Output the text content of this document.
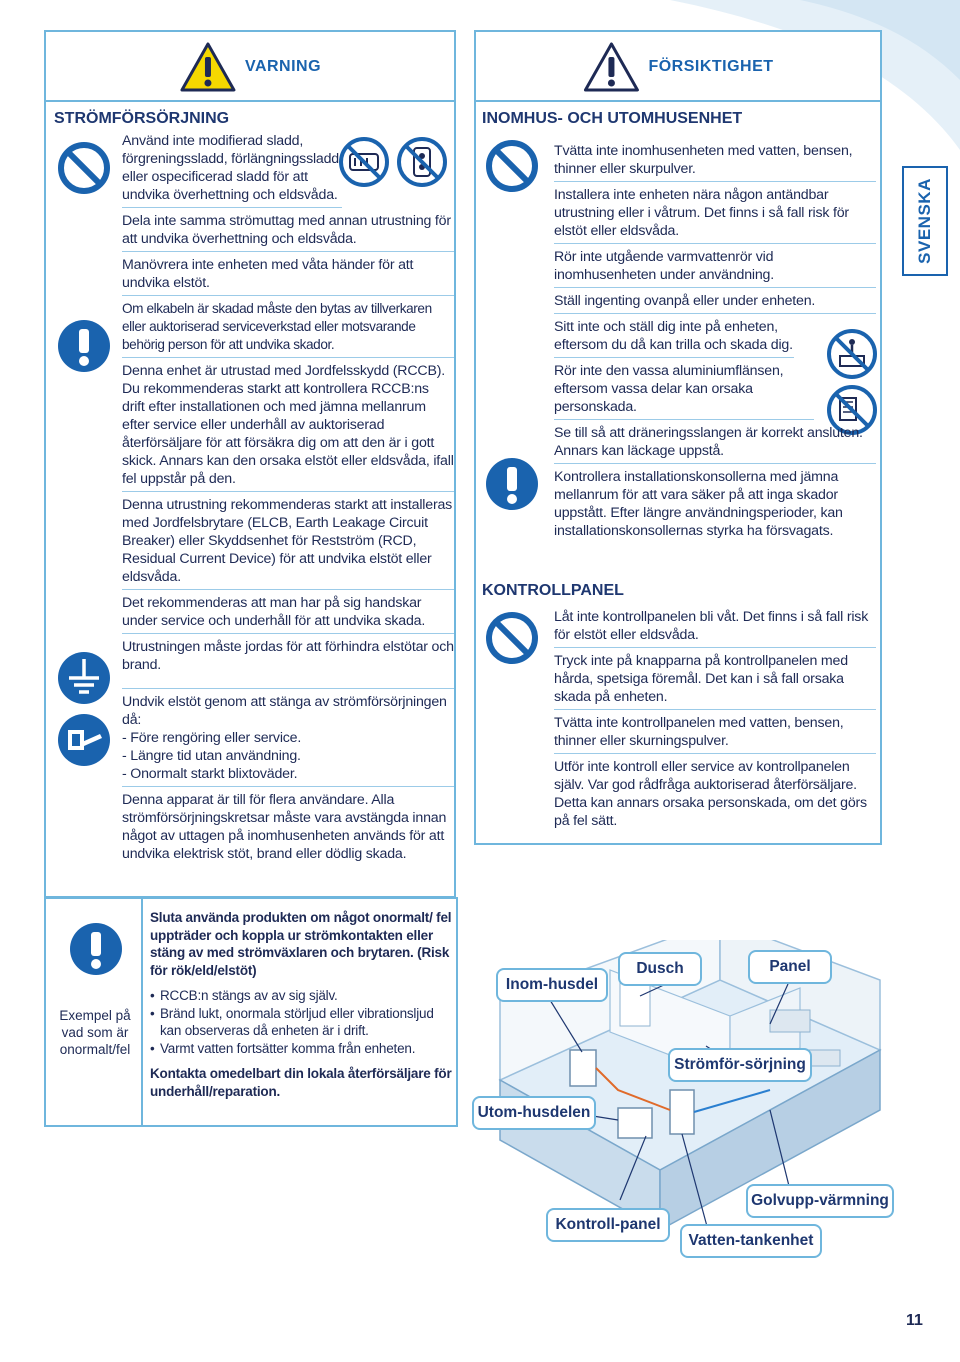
VARNING
STRÖMFÖRSÖRJNING
Använd inte modifierad sladd, förgreningssladd, förlängningssladd eller ospecificerad sladd för att undvika överhettning och eldsvåda.
Dela inte samma strömuttag med annan utrustning för att undvika överhettning och eldsvåda.
Manövrera inte enheten med våta händer för att undvika elstöt.
Om elkabeln är skadad måste den bytas av tillverkaren eller auktoriserad serviceverkstad eller motsvarande behörig person för att undvika skador.
Denna enhet är utrustad med Jordfelsskydd (RCCB). Du rekommenderas starkt att kontrollera RCCB:ns drift efter installationen och med jämna mellanrum efter service eller underhåll av auktoriserad återförsäljare för att försäkra dig om att den är i gott skick. Annars kan den orsaka elstöt eller eldsvåda, ifall fel uppstår på den.
Denna utrustning rekommenderas starkt att installeras med Jordfelsbrytare (ELCB, Earth Leakage Circuit Breaker) eller Skyddsenhet för Restström (RCD, Residual Current Device) för att undvika elstöt eller eldsvåda.
Det rekommenderas att man har på sig handskar under service och underhåll för att undvika skada.
Utrustningen måste jordas för att förhindra elstötar och brand.
Undvik elstöt genom att stänga av strömförsörjningen då:
- Före rengöring eller service.
- Längre tid utan användning.
- Onormalt starkt blixtoväder.
Denna apparat är till för flera användare. Alla strömförsörjningskretsar måste vara avstängda innan något av uttagen på inomhusenheten används för att undvika elektrisk stöt, brand eller dödlig skada.
FÖRSIKTIGHET
INOMHUS- OCH UTOMHUSENHET
Tvätta inte inomhusenheten med vatten, bensen, thinner eller skurpulver.
Installera inte enheten nära någon antändbar utrustning eller i våtrum. Det finns i så fall risk för elstöt eller eldsvåda.
Rör inte utgående varmvattenrör vid inomhusenheten under användning.
Ställ ingenting ovanpå eller under enheten.
Sitt inte och ställ dig inte på enheten, eftersom du då kan trilla och skada dig.
Rör inte den vassa aluminiumflänsen, eftersom vassa delar kan orsaka personskada.
Se till så att dräneringsslangen är korrekt ansluten. Annars kan läckage uppstå.
Kontrollera installationskonsollerna med jämna mellanrum för att vara säker på att inga skador uppstått. Efter längre användningsperioder, kan installationskonsollernas styrka ha försvagats.
KONTROLLPANEL
Låt inte kontrollpanelen bli våt. Det finns i så fall risk för elstöt eller eldsvåda.
Tryck inte på knapparna på kontrollpanelen med hårda, spetsiga föremål. Det kan i så fall orsaka skada på enheten.
Tvätta inte kontrollpanelen med vatten, bensen, thinner eller skurningspulver.
Utför inte kontroll eller service av kontrollpanelen själv. Var god rådfråga auktoriserad återförsäljare. Detta kan annars orsaka personskada, om det görs på fel sätt.
SVENSKA
Exempel på vad som är onormalt/fel
Sluta använda produkten om något onormalt/ fel uppträder och koppla ur strömkontakten eller stäng av med strömväxlaren och brytaren. (Risk för rök/eld/elstöt)
• RCCB:n stängs av av sig själv.
• Bränd lukt, onormala störljud eller vibrationsljud kan observeras då enheten är i drift.
• Varmt vatten fortsätter komma från enheten.
Kontakta omedelbart din lokala återförsäljare för underhåll/reparation.
Inom-husdel
Dusch	Panel
Strömför-sörjning
Utom-husdelen
Golvupp-värmning
Kontroll-panel
Vatten-tankenhet
11
